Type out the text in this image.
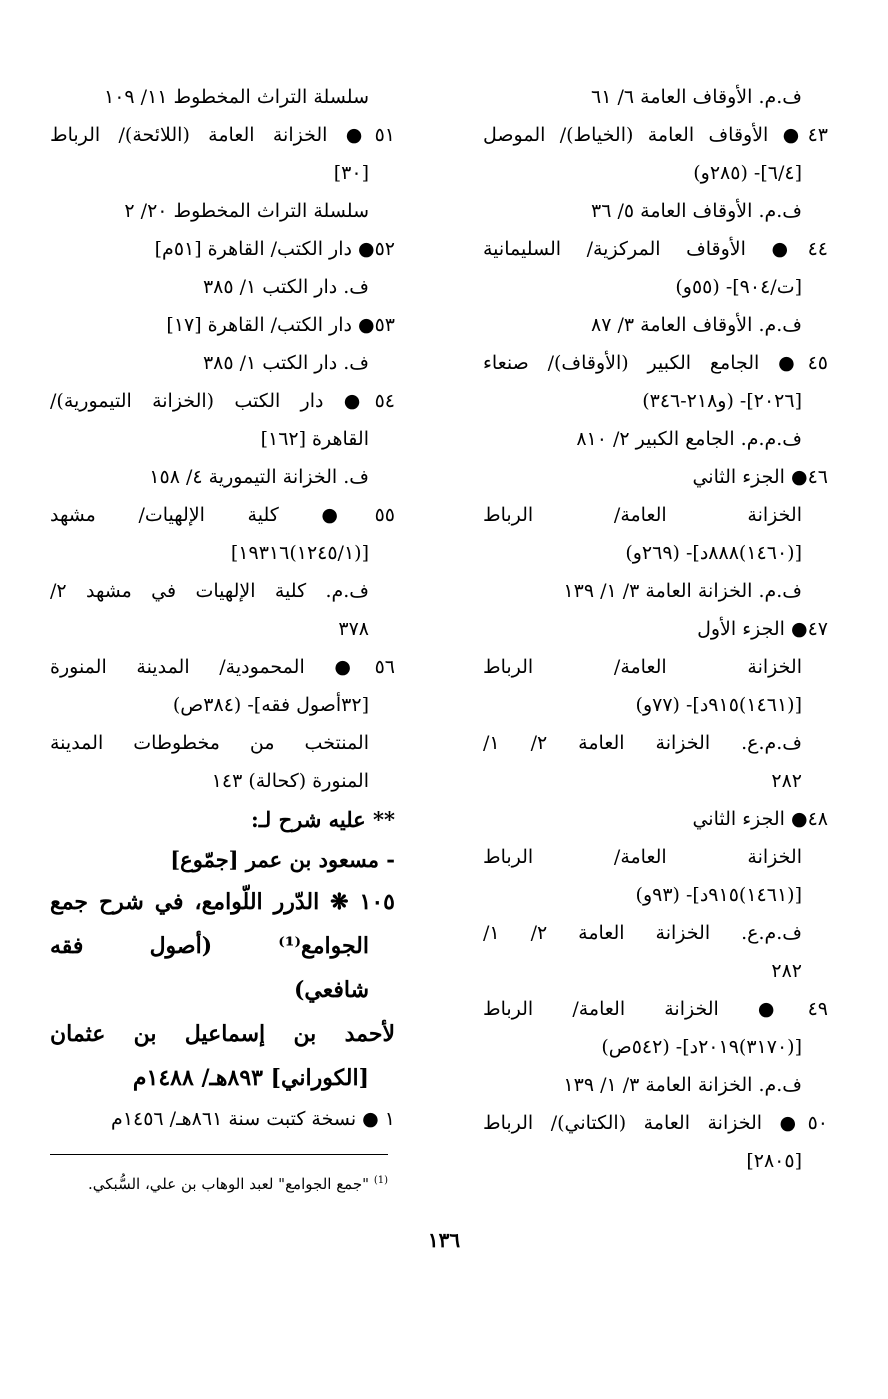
ف.م. الأوقاف العامة ٦/ ٦١
٤٣● الأوقاف العامة (الخياط)/ الموصل
[٦/٤]- (٢٨٥و)
ف.م. الأوقاف العامة ٥/ ٣٦
٤٤● الأوقاف المركزية/ السليمانية
[ت/٩٠٤]- (٥٥و)
ف.م. الأوقاف العامة ٣/ ٨٧
٤٥● الجامع الكبير (الأوقاف)/ صنعاء
[٢٠٢٦]- (و٢١٨-٣٤٦)
ف.م.م. الجامع الكبير ٢/ ٨١٠
٤٦● الجزء الثاني
الخزانة العامة/ الرباط
[(١٤٦٠)٨٨٨د]- (٢٦٩و)
ف.م. الخزانة العامة ٣/ ١/ ١٣٩
٤٧● الجزء الأول
الخزانة العامة/ الرباط
[(١٤٦١)٩١٥د]- (٧٧و)
ف.م.ع. الخزانة العامة ٢/ ١/
٢٨٢
٤٨● الجزء الثاني
الخزانة العامة/ الرباط
[(١٤٦١)٩١٥د]- (٩٣و)
ف.م.ع. الخزانة العامة ٢/ ١/
٢٨٢
٤٩● الخزانة العامة/ الرباط
[(٣١٧٠)٢٠١٩د]- (٥٤٢ص)
ف.م. الخزانة العامة ٣/ ١/ ١٣٩
٥٠● الخزانة العامة (الكتاني)/ الرباط
[٢٨٠٥]
سلسلة التراث المخطوط ١١/ ١٠٩
٥١● الخزانة العامة (اللائحة)/ الرباط
[٣٠]
سلسلة التراث المخطوط ٢٠/ ٢
٥٢● دار الكتب/ القاهرة [٥١م]
ف. دار الكتب ١/ ٣٨٥
٥٣● دار الكتب/ القاهرة [١٧]
ف. دار الكتب ١/ ٣٨٥
٥٤● دار الكتب (الخزانة التيمورية)/
القاهرة [١٦٢]
ف. الخزانة التيمورية ٤/ ١٥٨
٥٥● كلية الإلهيات/ مشهد
[(١٢٤٥/١)١٩٣١٦]
ف.م. كلية الإلهيات في مشهد ٢/
٣٧٨
٥٦● المحمودية/ المدينة المنورة
[٣٢أصول فقه]- (٣٨٤ص)
المنتخب من مخطوطات المدينة
المنورة (كحالة) ١٤٣
** عليه شرح لـ:
- مسعود بن عمر [جمّوع]
١٠٥ ❋ الدّرر اللّوامع، في شرح جمع
الجوامع⁽¹⁾ (أصول فقه
شافعي)
لأحمد بن إسماعيل بن عثمان
[الكوراني] ٨٩٣هـ/ ١٤٨٨م
١ ● نسخة كتبت سنة ٨٦١هـ/ ١٤٥٦م
$^{(1)}$ "جمع الجوامع" لعبد الوهاب بن علي، السُّبكي.
١٣٦
